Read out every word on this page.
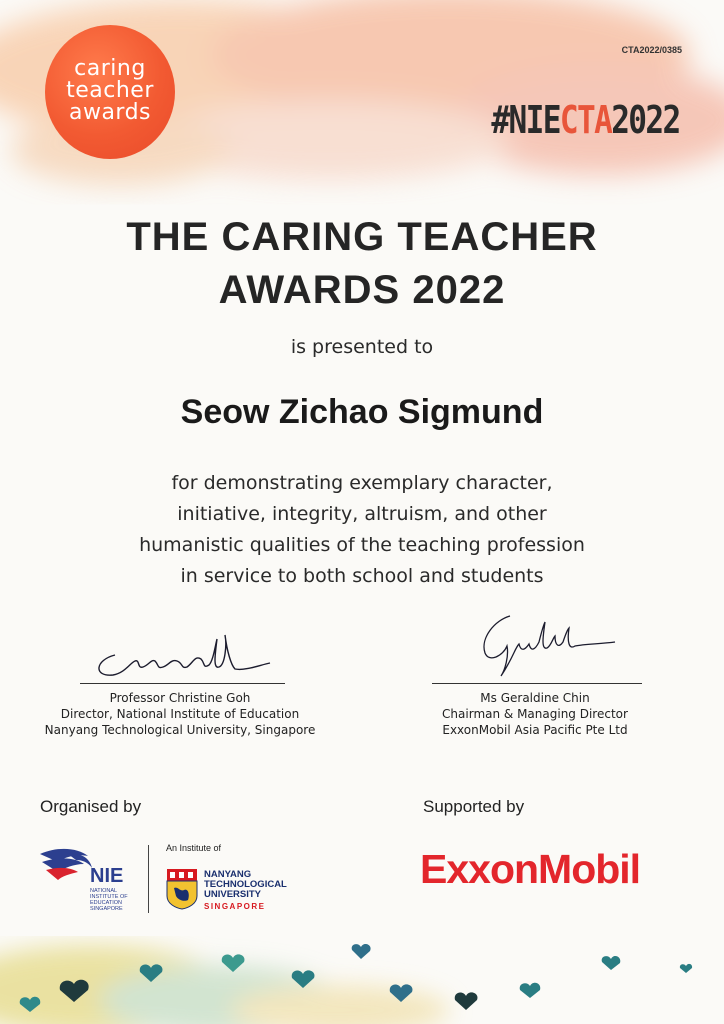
caring
teacher
awards
CTA2022/0385
#NIECTA2022
THE CARING TEACHER
AWARDS 2022
is presented to
Seow Zichao Sigmund
for demonstrating exemplary character,
initiative, integrity, altruism, and other
humanistic qualities of the teaching profession
in service to both school and students
Professor Christine Goh
Director, National Institute of Education
Nanyang Technological University, Singapore
Ms Geraldine Chin
Chairman & Managing Director
ExxonMobil Asia Pacific Pte Ltd
Organised by	Supported by
NIE
NATIONAL
INSTITUTE OF
EDUCATION
SINGAPORE
An Institute of
NANYANG
TECHNOLOGICAL
UNIVERSITY
SINGAPORE
ExxonMobil
